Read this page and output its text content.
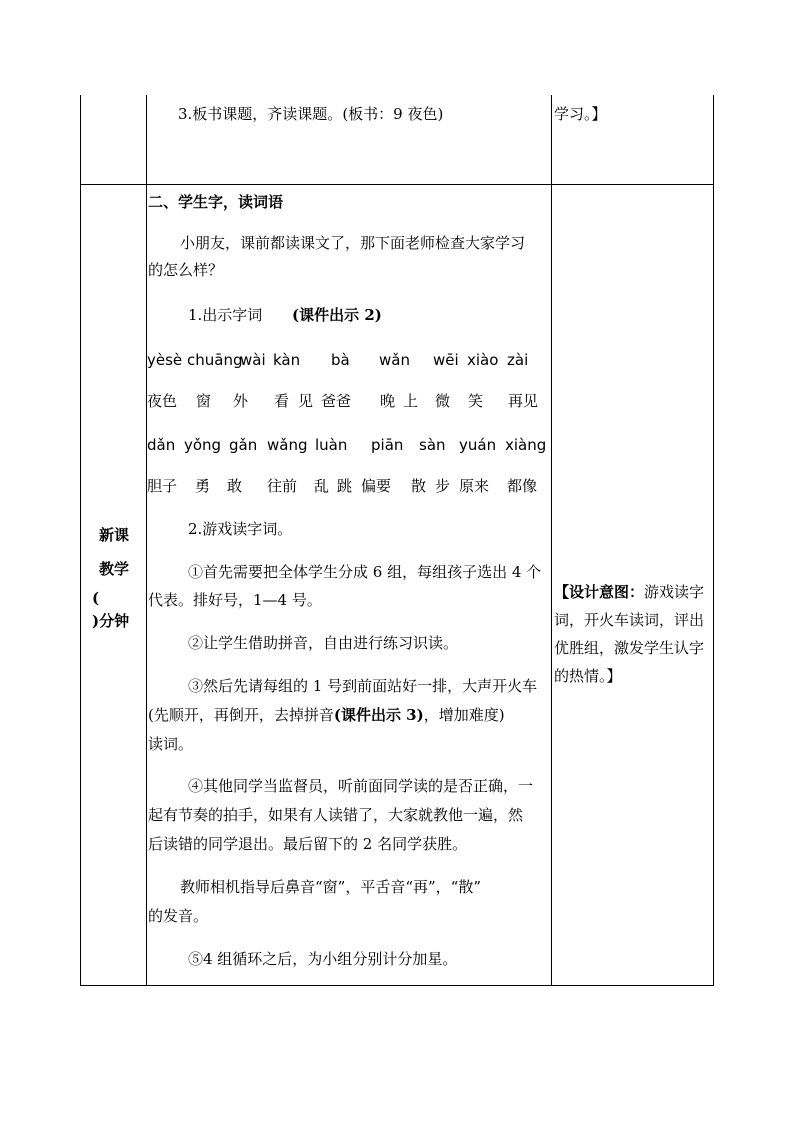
3.板书课题，齐读课题。(板书：9 夜色)	学习。】
新课
教学
(
)分钟
二、学生字，读词语
小朋友，课前都读课文了，那下面老师检查大家学习
的怎么样？
1.出示字词 (课件出示 2)
yèsè chuāng
wài kàn bà wǎn wēi xiào zài
夜色 窗 外 看 见 爸爸 晚 上 微 笑 再见
dǎn yǒng gǎn wǎng luàn piān sàn yuán xiàng
胆子 勇 敢 往前 乱 跳 偏要 散 步 原来 都像
2.游戏读字词。
①首先需要把全体学生分成 6 组，每组孩子选出 4 个
代表。排好号，1—4 号。
②让学生借助拼音，自由进行练习识读。
③然后先请每组的 1 号到前面站好一排，大声开火车
(先顺开，再倒开，去掉拼音(课件出示 3)，增加难度)
读词。
④其他同学当监督员，听前面同学读的是否正确，一
起有节奏的拍手，如果有人读错了，大家就教他一遍，然
后读错的同学退出。最后留下的 2 名同学获胜。
教师相机指导后鼻音“窗”，平舌音“再”，“散”
的发音。
⑤4 组循环之后，为小组分别计分加星。
【设计意图：游戏读字
词，开火车读词，评出
优胜组，激发学生认字
的热情。】
